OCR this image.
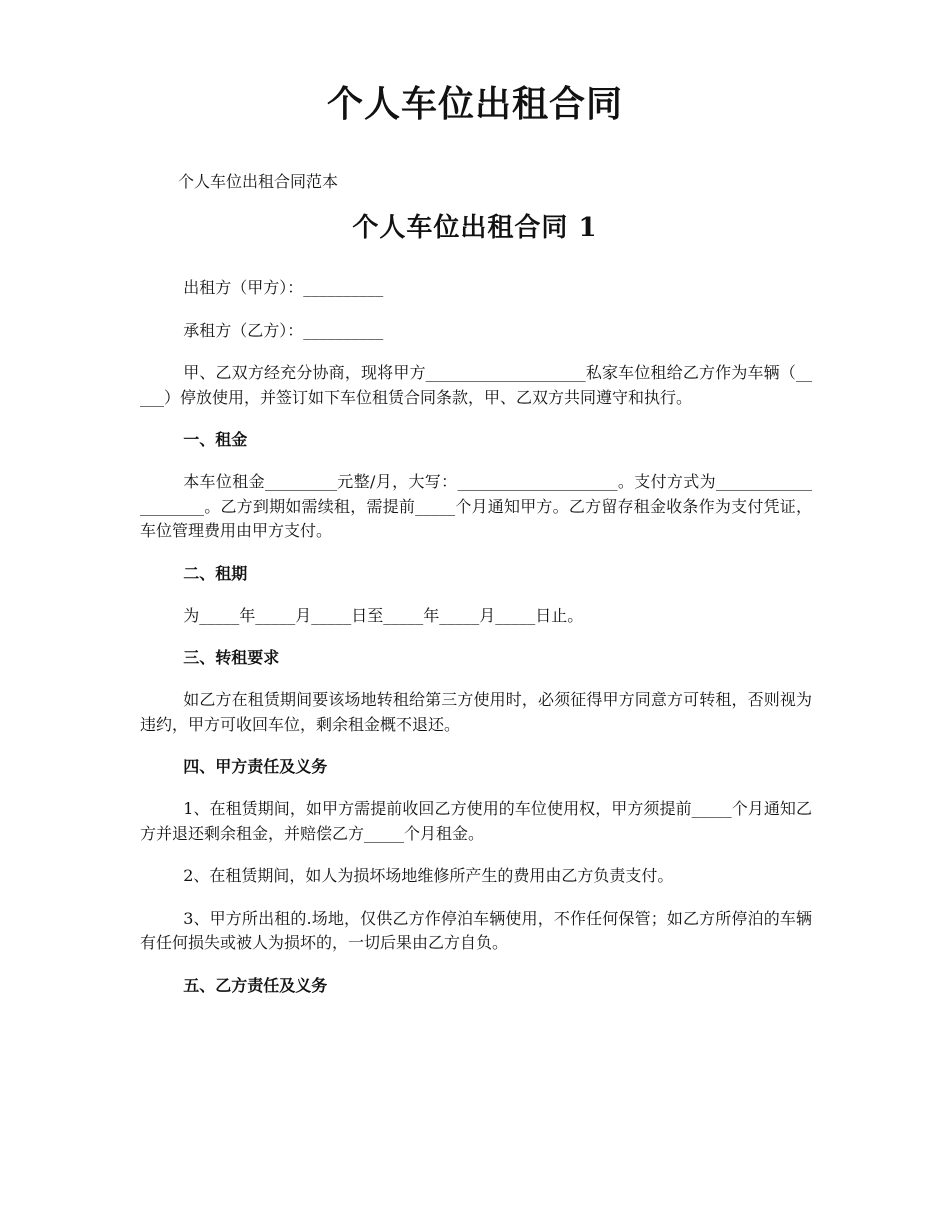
个人车位出租合同

个人车位出租合同范本

个人车位出租合同 1

出租方（甲方）：__________

承租方（乙方）：__________

甲、乙双方经充分协商，现将甲方____________________私家车位租给乙方作为车辆（_____）停放使用，并签订如下车位租赁合同条款，甲、乙双方共同遵守和执行。

一、租金

本车位租金_________元整/月，大写：____________________。支付方式为____________________。乙方到期如需续租，需提前_____个月通知甲方。乙方留存租金收条作为支付凭证，车位管理费用由甲方支付。

二、租期

为_____年_____月_____日至_____年_____月_____日止。

三、转租要求

如乙方在租赁期间要该场地转租给第三方使用时，必须征得甲方同意方可转租，否则视为违约，甲方可收回车位，剩余租金概不退还。

四、甲方责任及义务

1、在租赁期间，如甲方需提前收回乙方使用的车位使用权，甲方须提前_____个月通知乙方并退还剩余租金，并赔偿乙方_____个月租金。

2、在租赁期间，如人为损坏场地维修所产生的费用由乙方负责支付。

3、甲方所出租的.场地，仅供乙方作停泊车辆使用，不作任何保管；如乙方所停泊的车辆有任何损失或被人为损坏的，一切后果由乙方自负。

五、乙方责任及义务
